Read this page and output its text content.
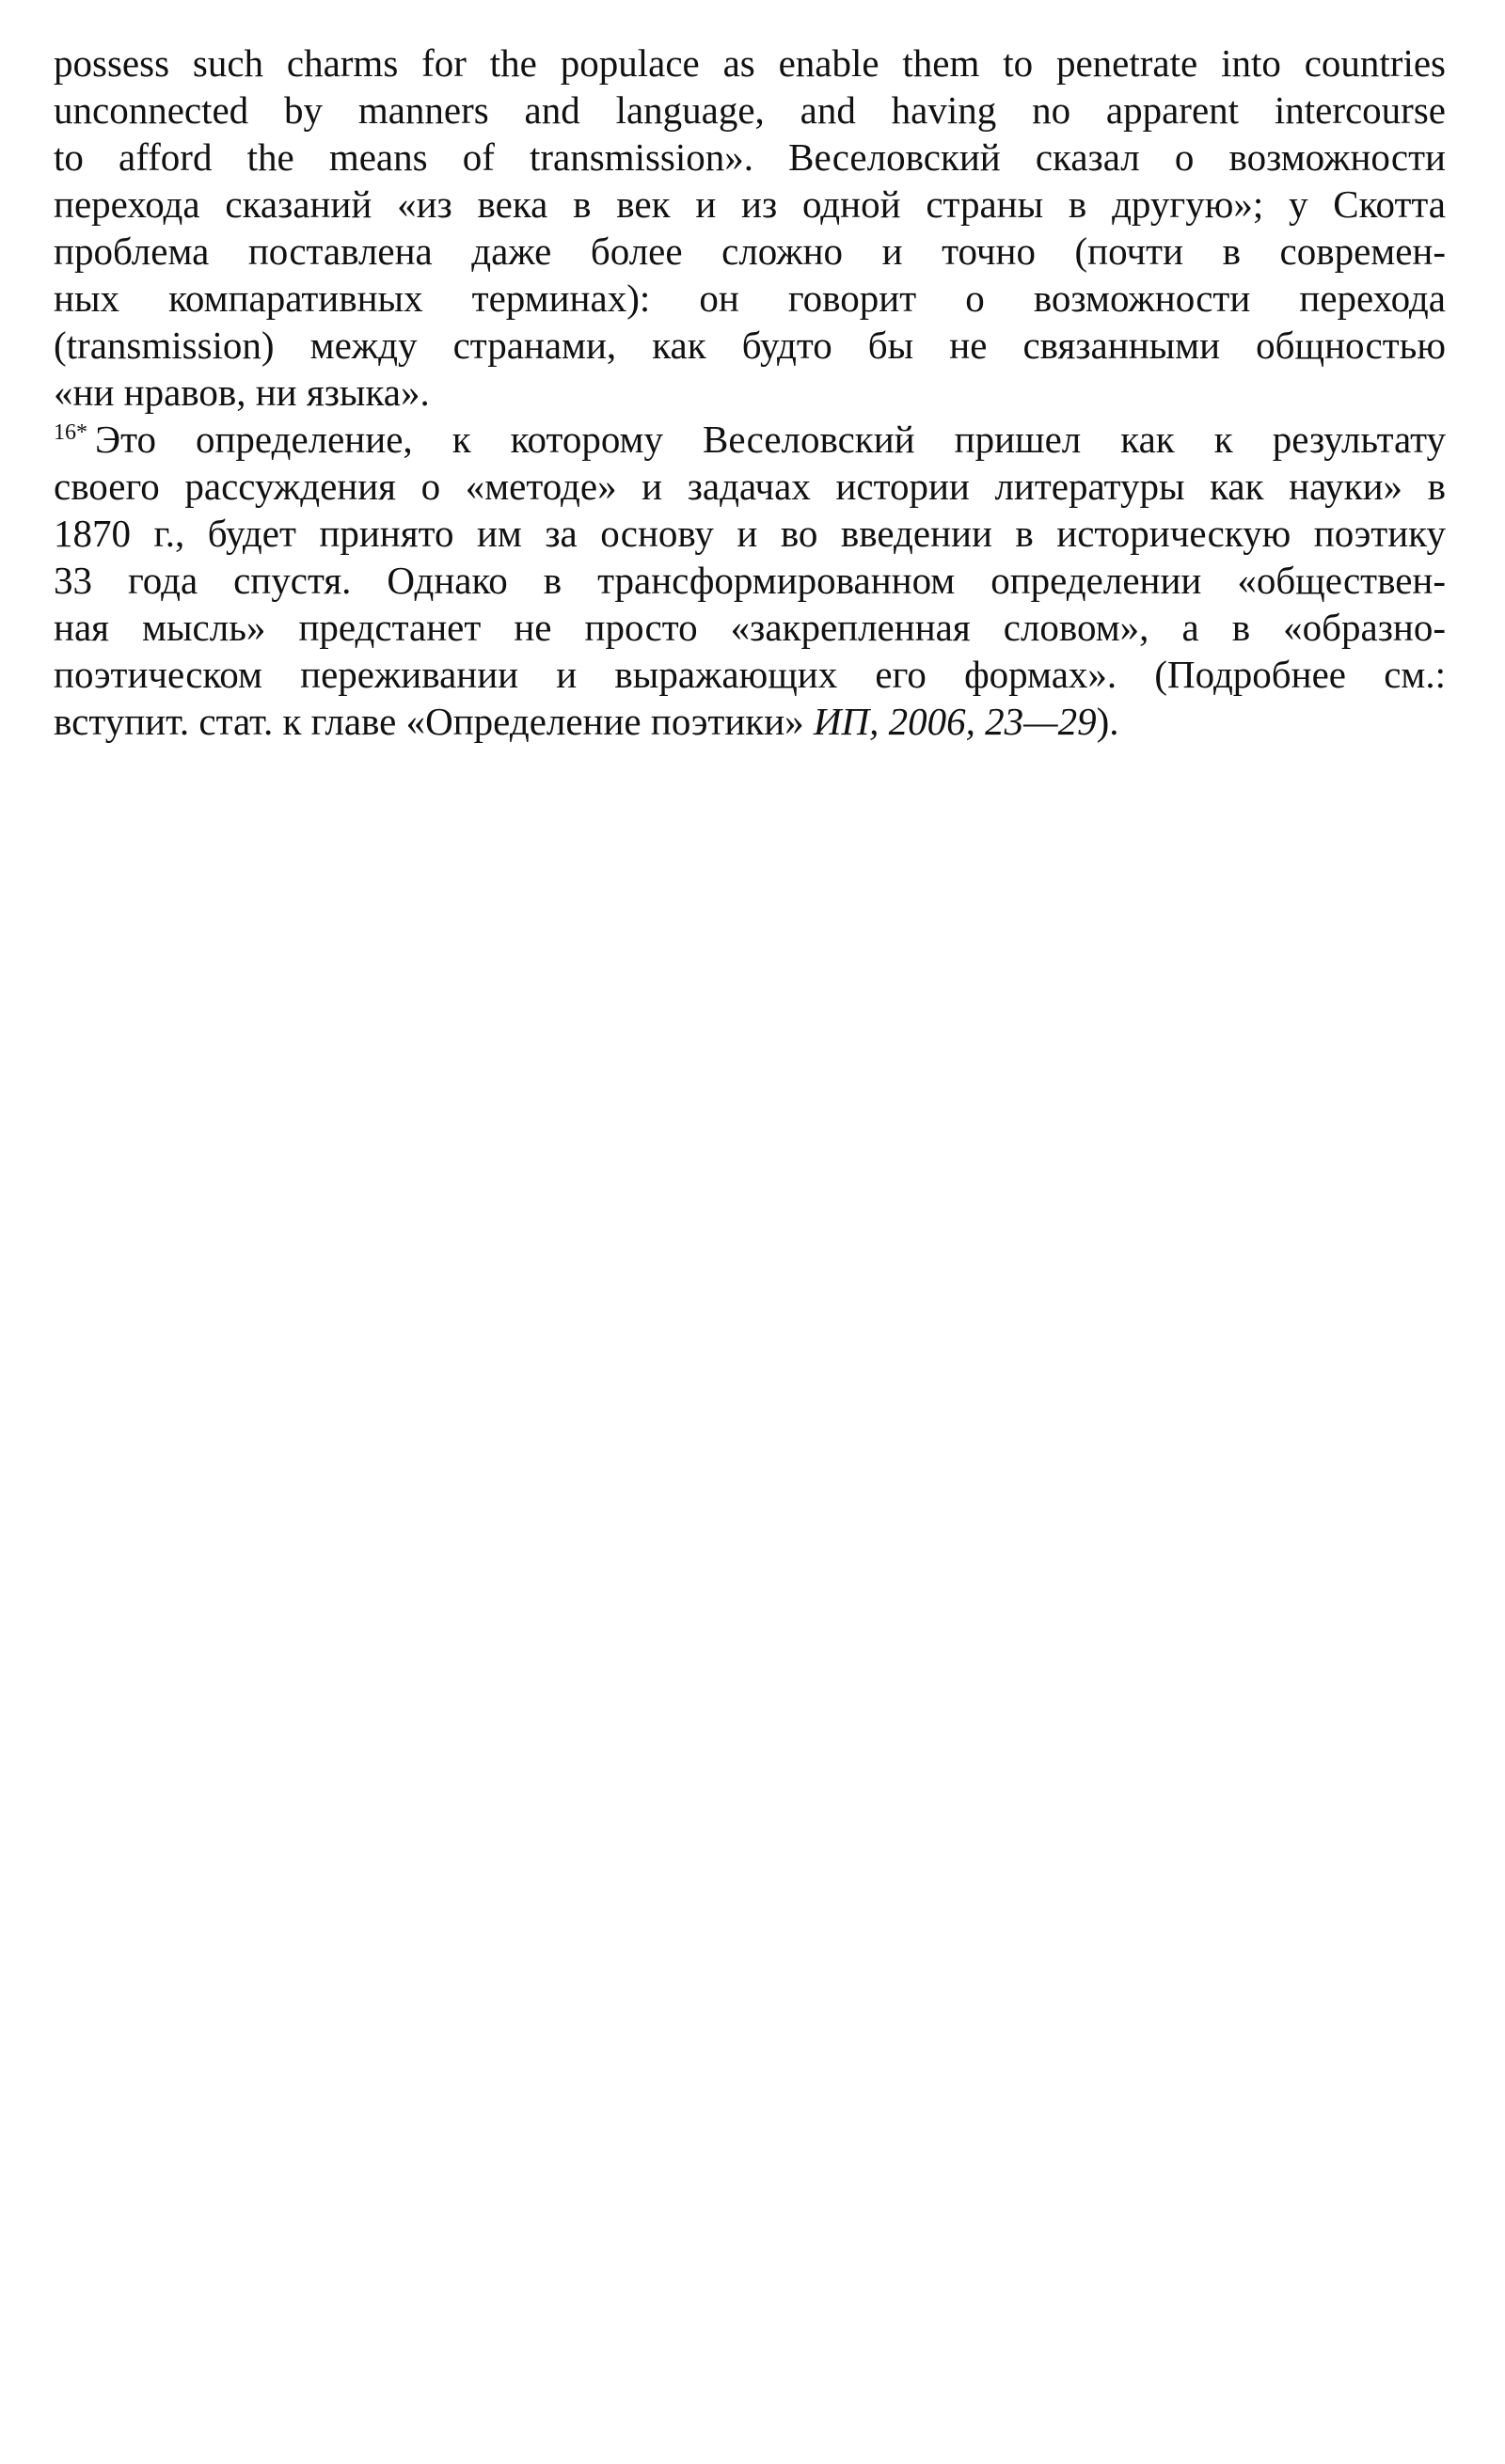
possess such charms for the populace as enable them to penetrate into countries
unconnected by manners and language, and having no apparent intercourse
to afford the means of transmission». Веселовский сказал о возможности
перехода сказаний «из века в век и из одной страны в другую»; у Скотта
проблема поставлена даже более сложно и точно (почти в современ-
ных компаративных терминах): он говорит о возможности перехода
(transmission) между странами, как будто бы не связанными общностью
«ни нравов, ни языка».
$^{16*}$ Это определение, к которому Веселовский пришел как к результату
своего рассуждения о «методе» и задачах истории литературы как науки» в
1870 г., будет принято им за основу и во введении в историческую поэтику
33 года спустя. Однако в трансформированном определении «обществен-
ная мысль» предстанет не просто «закрепленная словом», а в «образно-
поэтическом переживании и выражающих его формах». (Подробнее см.:
вступит. стат. к главе «Определение поэтики» ИП, 2006, 23—29).
